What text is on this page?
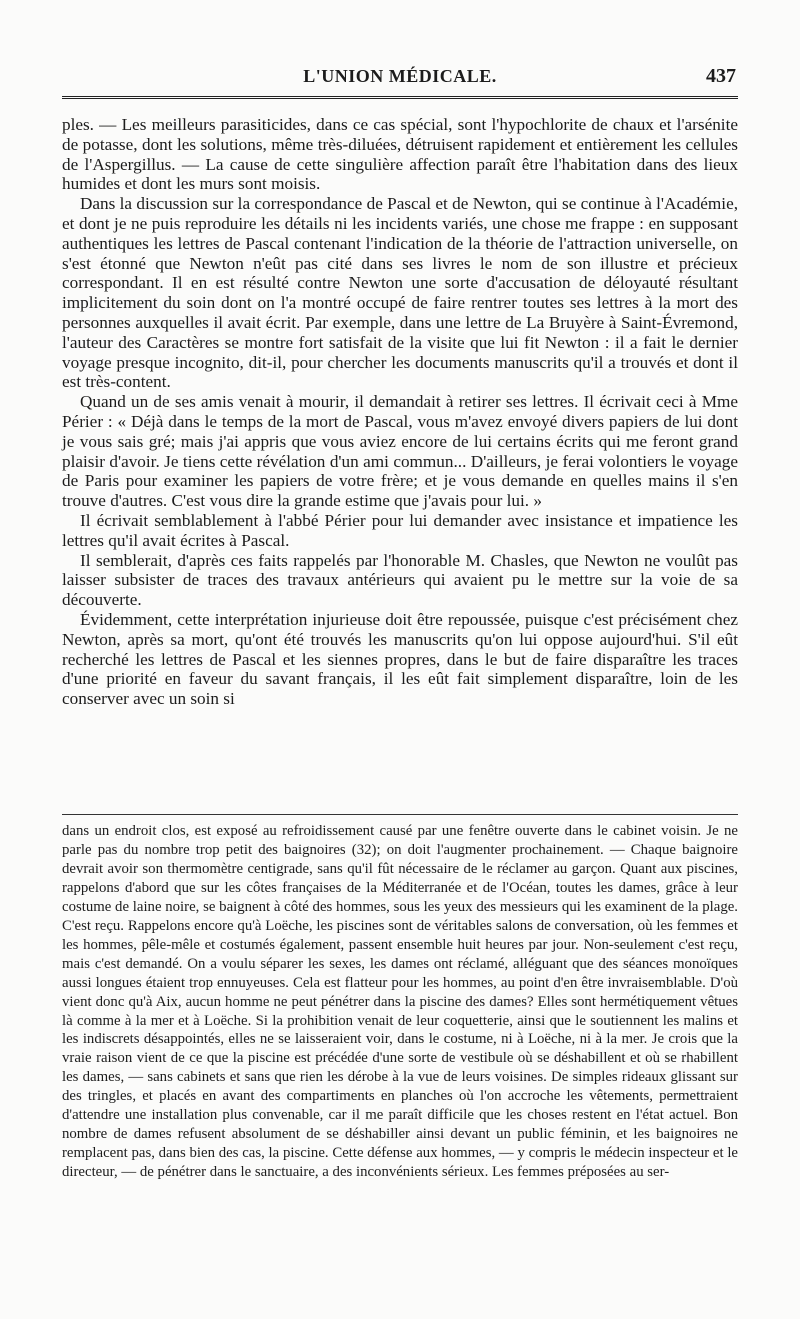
L'UNION MÉDICALE.	437

ples. — Les meilleurs parasiticides, dans ce cas spécial, sont l'hypochlorite de chaux et l'arsénite de potasse, dont les solutions, même très-diluées, détruisent rapidement et entièrement les cellules de l'Aspergillus. — La cause de cette singulière affection paraît être l'habitation dans des lieux humides et dont les murs sont moisis.

Dans la discussion sur la correspondance de Pascal et de Newton, qui se continue à l'Académie, et dont je ne puis reproduire les détails ni les incidents variés, une chose me frappe : en supposant authentiques les lettres de Pascal contenant l'indication de la théorie de l'attraction universelle, on s'est étonné que Newton n'eût pas cité dans ses livres le nom de son illustre et précieux correspondant. Il en est résulté contre Newton une sorte d'accusation de déloyauté résultant implicitement du soin dont on l'a montré occupé de faire rentrer toutes ses lettres à la mort des personnes auxquelles il avait écrit. Par exemple, dans une lettre de La Bruyère à Saint-Évremond, l'auteur des Caractères se montre fort satisfait de la visite que lui fit Newton : il a fait le dernier voyage presque incognito, dit-il, pour chercher les documents manuscrits qu'il a trouvés et dont il est très-content.

Quand un de ses amis venait à mourir, il demandait à retirer ses lettres. Il écrivait ceci à Mme Périer : « Déjà dans le temps de la mort de Pascal, vous m'avez envoyé divers papiers de lui dont je vous sais gré; mais j'ai appris que vous aviez encore de lui certains écrits qui me feront grand plaisir d'avoir. Je tiens cette révélation d'un ami commun... D'ailleurs, je ferai volontiers le voyage de Paris pour examiner les papiers de votre frère; et je vous demande en quelles mains il s'en trouve d'autres. C'est vous dire la grande estime que j'avais pour lui. »

Il écrivait semblablement à l'abbé Périer pour lui demander avec insistance et impatience les lettres qu'il avait écrites à Pascal.

Il semblerait, d'après ces faits rappelés par l'honorable M. Chasles, que Newton ne voulût pas laisser subsister de traces des travaux antérieurs qui avaient pu le mettre sur la voie de sa découverte.

Évidemment, cette interprétation injurieuse doit être repoussée, puisque c'est précisément chez Newton, après sa mort, qu'ont été trouvés les manuscrits qu'on lui oppose aujourd'hui. S'il eût recherché les lettres de Pascal et les siennes propres, dans le but de faire disparaître les traces d'une priorité en faveur du savant français, il les eût fait simplement disparaître, loin de les conserver avec un soin si

dans un endroit clos, est exposé au refroidissement causé par une fenêtre ouverte dans le cabinet voisin. Je ne parle pas du nombre trop petit des baignoires (32); on doit l'augmenter prochainement. — Chaque baignoire devrait avoir son thermomètre centigrade, sans qu'il fût nécessaire de le réclamer au garçon. Quant aux piscines, rappelons d'abord que sur les côtes françaises de la Méditerranée et de l'Océan, toutes les dames, grâce à leur costume de laine noire, se baignent à côté des hommes, sous les yeux des messieurs qui les examinent de la plage. C'est reçu. Rappelons encore qu'à Loëche, les piscines sont de véritables salons de conversation, où les femmes et les hommes, pêle-mêle et costumés également, passent ensemble huit heures par jour. Non-seulement c'est reçu, mais c'est demandé. On a voulu séparer les sexes, les dames ont réclamé, alléguant que des séances monoïques aussi longues étaient trop ennuyeuses. Cela est flatteur pour les hommes, au point d'en être invraisemblable. D'où vient donc qu'à Aix, aucun homme ne peut pénétrer dans la piscine des dames? Elles sont hermétiquement vêtues là comme à la mer et à Loëche. Si la prohibition venait de leur coquetterie, ainsi que le soutiennent les malins et les indiscrets désappointés, elles ne se laisseraient voir, dans le costume, ni à Loëche, ni à la mer. Je crois que la vraie raison vient de ce que la piscine est précédée d'une sorte de vestibule où se déshabillent et où se rhabillent les dames, — sans cabinets et sans que rien les dérobe à la vue de leurs voisines. De simples rideaux glissant sur des tringles, et placés en avant des compartiments en planches où l'on accroche les vêtements, permettraient d'attendre une installation plus convenable, car il me paraît difficile que les choses restent en l'état actuel. Bon nombre de dames refusent absolument de se déshabiller ainsi devant un public féminin, et les baignoires ne remplacent pas, dans bien des cas, la piscine. Cette défense aux hommes, — y compris le médecin inspecteur et le directeur, — de pénétrer dans le sanctuaire, a des inconvénients sérieux. Les femmes préposées au ser-
